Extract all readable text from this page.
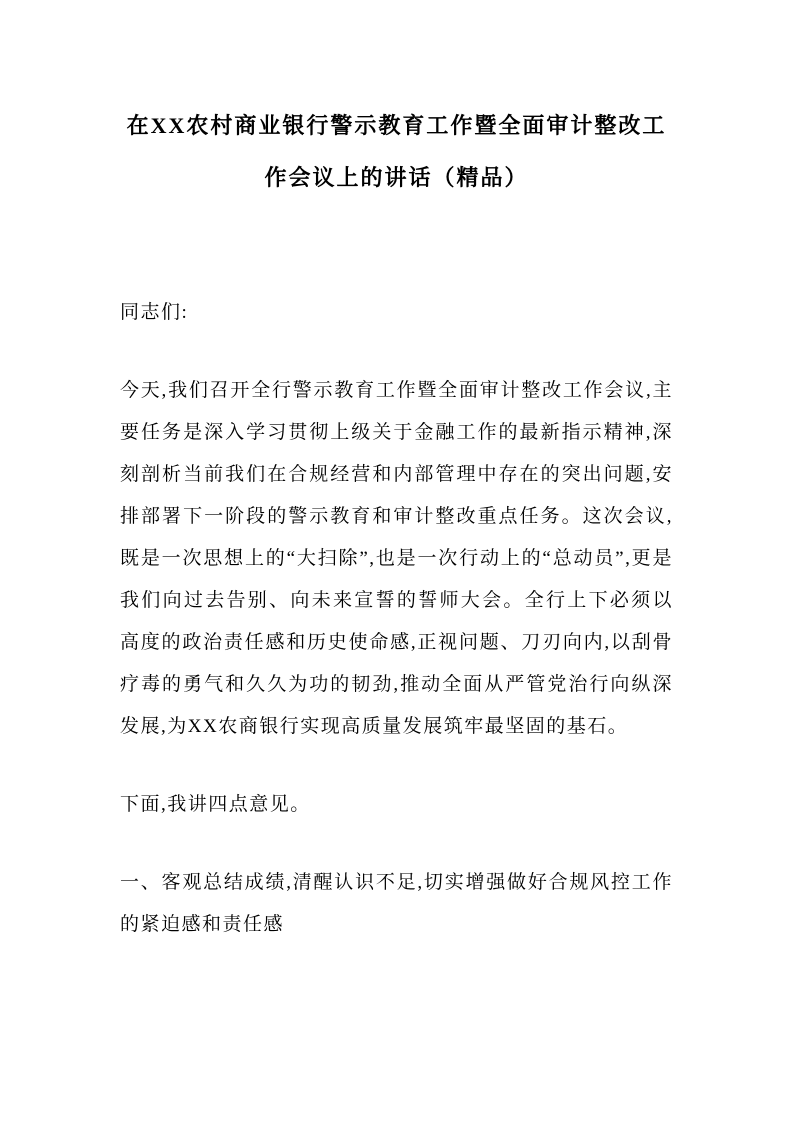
在XX农村商业银行警示教育工作暨全面审计整改工作会议上的讲话（精品）

同志们:

今天,我们召开全行警示教育工作暨全面审计整改工作会议,主要任务是深入学习贯彻上级关于金融工作的最新指示精神,深刻剖析当前我们在合规经营和内部管理中存在的突出问题,安排部署下一阶段的警示教育和审计整改重点任务。这次会议,既是一次思想上的“大扫除”,也是一次行动上的“总动员”,更是我们向过去告别、向未来宣誓的誓师大会。全行上下必须以高度的政治责任感和历史使命感,正视问题、刀刃向内,以刮骨疗毒的勇气和久久为功的韧劲,推动全面从严管党治行向纵深发展,为XX农商银行实现高质量发展筑牢最坚固的基石。

下面,我讲四点意见。

一、客观总结成绩,清醒认识不足,切实增强做好合规风控工作的紧迫感和责任感
